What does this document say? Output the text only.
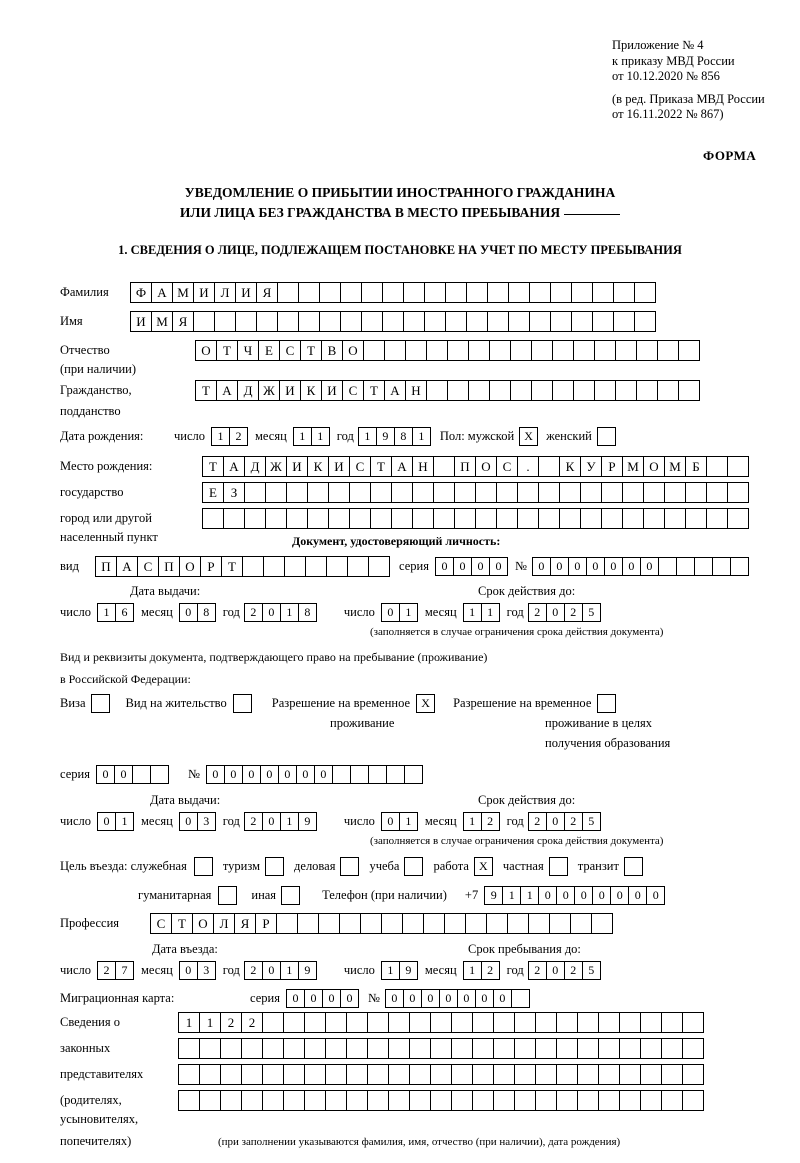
Приложение № 4
к приказу МВД России
от 10.12.2020 № 856
(в ред. Приказа МВД России
от 16.11.2022 № 867)
ФОРМА
УВЕДОМЛЕНИЕ О ПРИБЫТИИ ИНОСТРАННОГО ГРАЖДАНИНА
ИЛИ ЛИЦА БЕЗ ГРАЖДАНСТВА В МЕСТО ПРЕБЫВАНИЯ
1. СВЕДЕНИЯ О ЛИЦЕ, ПОДЛЕЖАЩЕМ ПОСТАНОВКЕ НА УЧЕТ ПО МЕСТУ ПРЕБЫВАНИЯ
Фамилия	Ф А М И Л И Я
Имя	И М Я
Отчество	О Т Ч Е С Т В О
(при наличии)
Гражданство,	Т А Д Ж И К И С Т А Н
подданство
Дата рождения:	число	1	2	месяц	1	1	год 1	9	8	1	Пол: мужской X	женский
Место рождения:	Т А Д Ж И К И С Т А Н	П О С	.	К У Р М О М Б
государство	Е	З
город или другой
населенный пункт	Документ, удостоверяющий личность:
вид	П А С П О Р	Т	серия	0	0	0	0	№ 0	0	0	0	0	0	0
Дата выдачи:	Срок действия до:
число	1	6	месяц	0	8	год 2	0	1	8	число	0	1	месяц	1	1	год 2	0	2	5
(заполняется в случае ограничения срока действия документа)
Вид и реквизиты документа, подтверждающего право на пребывание (проживание)
в Российской Федерации:
Виза	Вид на жительство	Разрешение на временное X	Разрешение на временное
проживание	проживание в целях
получения образования
серия	0	0	№	0	0	0	0	0	0	0
Дата выдачи:	Срок действия до:
число	0	1	месяц	0	3	год 2	0	1	9	число	0	1	месяц	1	2	год 2	0	2	5
(заполняется в случае ограничения срока действия документа)
Цель въезда: служебная	туризм	деловая	учеба	работа X	частная	транзит
гуманитарная	иная	Телефон (при наличии) +7	9	1	1	0	0	0	0	0	0	0
Профессия	С Т О Л Я	Р
Дата въезда:	Срок пребывания до:
число	2	7	месяц	0	3	год 2	0	1	9	число	1	9	месяц	1	2	год 2	0	2	5
Миграционная карта:	серия	0	0	0	0	№ 0	0	0	0	0	0	0
Сведения о	1	1	2	2
законных
представителях
(родителях,
усыновителях,
попечителях)	(при заполнении указываются фамилия, имя, отчество (при наличии), дата рождения)
